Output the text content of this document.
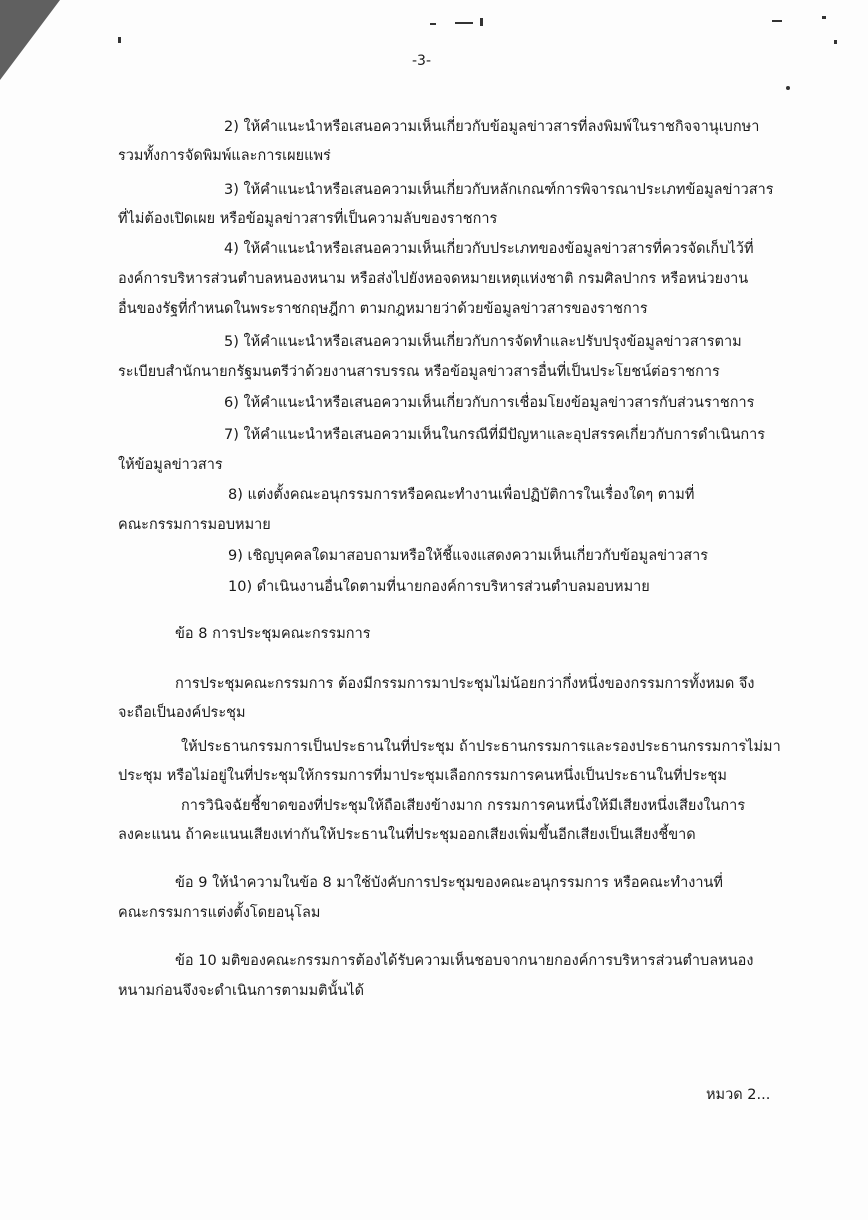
-3-
2) ให้คำแนะนำหรือเสนอความเห็นเกี่ยวกับข้อมูลข่าวสารที่ลงพิมพ์ในราชกิจจานุเบกษา
รวมทั้งการจัดพิมพ์และการเผยแพร่
3) ให้คำแนะนำหรือเสนอความเห็นเกี่ยวกับหลักเกณฑ์การพิจารณาประเภทข้อมูลข่าวสาร
ที่ไม่ต้องเปิดเผย หรือข้อมูลข่าวสารที่เป็นความลับของราชการ
4) ให้คำแนะนำหรือเสนอความเห็นเกี่ยวกับประเภทของข้อมูลข่าวสารที่ควรจัดเก็บไว้ที่
องค์การบริหารส่วนตำบลหนองหนาม หรือส่งไปยังหอจดหมายเหตุแห่งชาติ กรมศิลปากร หรือหน่วยงาน
อื่นของรัฐที่กำหนดในพระราชกฤษฎีกา ตามกฎหมายว่าด้วยข้อมูลข่าวสารของราชการ
5) ให้คำแนะนำหรือเสนอความเห็นเกี่ยวกับการจัดทำและปรับปรุงข้อมูลข่าวสารตาม
ระเบียบสำนักนายกรัฐมนตรีว่าด้วยงานสารบรรณ หรือข้อมูลข่าวสารอื่นที่เป็นประโยชน์ต่อราชการ
6) ให้คำแนะนำหรือเสนอความเห็นเกี่ยวกับการเชื่อมโยงข้อมูลข่าวสารกับส่วนราชการ
7) ให้คำแนะนำหรือเสนอความเห็นในกรณีที่มีปัญหาและอุปสรรคเกี่ยวกับการดำเนินการ
ให้ข้อมูลข่าวสาร
8) แต่งตั้งคณะอนุกรรมการหรือคณะทำงานเพื่อปฏิบัติการในเรื่องใดๆ ตามที่
คณะกรรมการมอบหมาย
9) เชิญบุคคลใดมาสอบถามหรือให้ชี้แจงแสดงความเห็นเกี่ยวกับข้อมูลข่าวสาร
10) ดำเนินงานอื่นใดตามที่นายกองค์การบริหารส่วนตำบลมอบหมาย
ข้อ 8 การประชุมคณะกรรมการ
การประชุมคณะกรรมการ ต้องมีกรรมการมาประชุมไม่น้อยกว่ากึ่งหนึ่งของกรรมการทั้งหมด จึง
จะถือเป็นองค์ประชุม
ให้ประธานกรรมการเป็นประธานในที่ประชุม ถ้าประธานกรรมการและรองประธานกรรมการไม่มา
ประชุม หรือไม่อยู่ในที่ประชุมให้กรรมการที่มาประชุมเลือกกรรมการคนหนึ่งเป็นประธานในที่ประชุม
การวินิจฉัยชี้ขาดของที่ประชุมให้ถือเสียงข้างมาก กรรมการคนหนึ่งให้มีเสียงหนึ่งเสียงในการ
ลงคะแนน ถ้าคะแนนเสียงเท่ากันให้ประธานในที่ประชุมออกเสียงเพิ่มขึ้นอีกเสียงเป็นเสียงชี้ขาด
ข้อ 9 ให้นำความในข้อ 8 มาใช้บังคับการประชุมของคณะอนุกรรมการ หรือคณะทำงานที่
คณะกรรมการแต่งตั้งโดยอนุโลม
ข้อ 10 มติของคณะกรรมการต้องได้รับความเห็นชอบจากนายกองค์การบริหารส่วนตำบลหนอง
หนามก่อนจึงจะดำเนินการตามมตินั้นได้
หมวด 2...
